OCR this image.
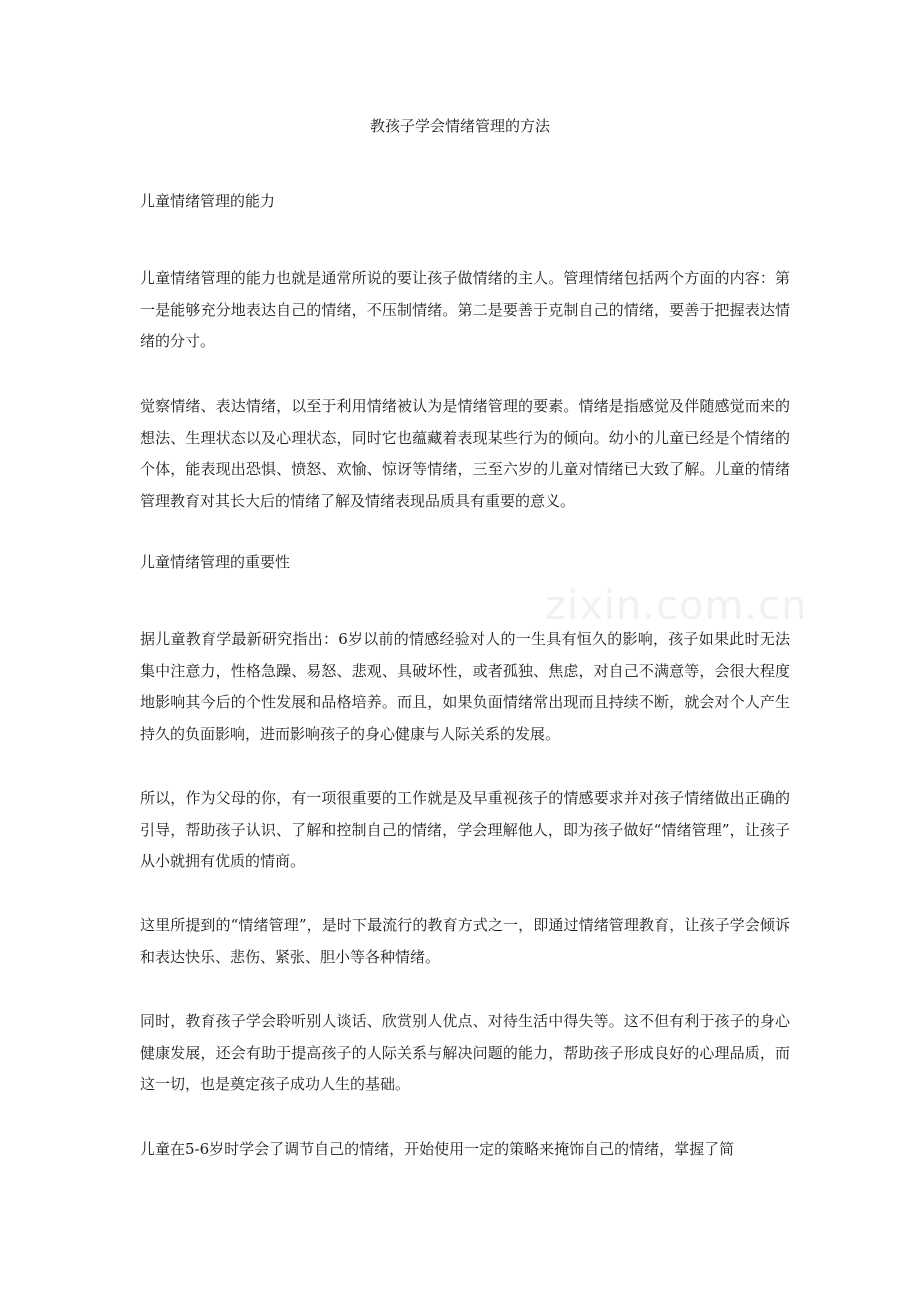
zixin.com.cn

教孩子学会情绪管理的方法

儿童情绪管理的能力

儿童情绪管理的能力也就是通常所说的要让孩子做情绪的主人。管理情绪包括两个方面的内容：第一是能够充分地表达自己的情绪，不压制情绪。第二是要善于克制自己的情绪，要善于把握表达情绪的分寸。

觉察情绪、表达情绪，以至于利用情绪被认为是情绪管理的要素。情绪是指感觉及伴随感觉而来的想法、生理状态以及心理状态，同时它也蕴藏着表现某些行为的倾向。幼小的儿童已经是个情绪的个体，能表现出恐惧、愤怒、欢愉、惊讶等情绪，三至六岁的儿童对情绪已大致了解。儿童的情绪管理教育对其长大后的情绪了解及情绪表现品质具有重要的意义。

儿童情绪管理的重要性

据儿童教育学最新研究指出：6岁以前的情感经验对人的一生具有恒久的影响，孩子如果此时无法集中注意力，性格急躁、易怒、悲观、具破坏性，或者孤独、焦虑，对自己不满意等，会很大程度地影响其今后的个性发展和品格培养。而且，如果负面情绪常出现而且持续不断，就会对个人产生持久的负面影响，进而影响孩子的身心健康与人际关系的发展。

所以，作为父母的你，有一项很重要的工作就是及早重视孩子的情感要求并对孩子情绪做出正确的引导，帮助孩子认识、了解和控制自己的情绪，学会理解他人，即为孩子做好“情绪管理”，让孩子从小就拥有优质的情商。

这里所提到的“情绪管理”，是时下最流行的教育方式之一，即通过情绪管理教育，让孩子学会倾诉和表达快乐、悲伤、紧张、胆小等各种情绪。

同时，教育孩子学会聆听别人谈话、欣赏别人优点、对待生活中得失等。这不但有利于孩子的身心健康发展，还会有助于提高孩子的人际关系与解决问题的能力，帮助孩子形成良好的心理品质，而这一切，也是奠定孩子成功人生的基础。

儿童在5-6岁时学会了调节自己的情绪，开始使用一定的策略来掩饰自己的情绪，掌握了简
